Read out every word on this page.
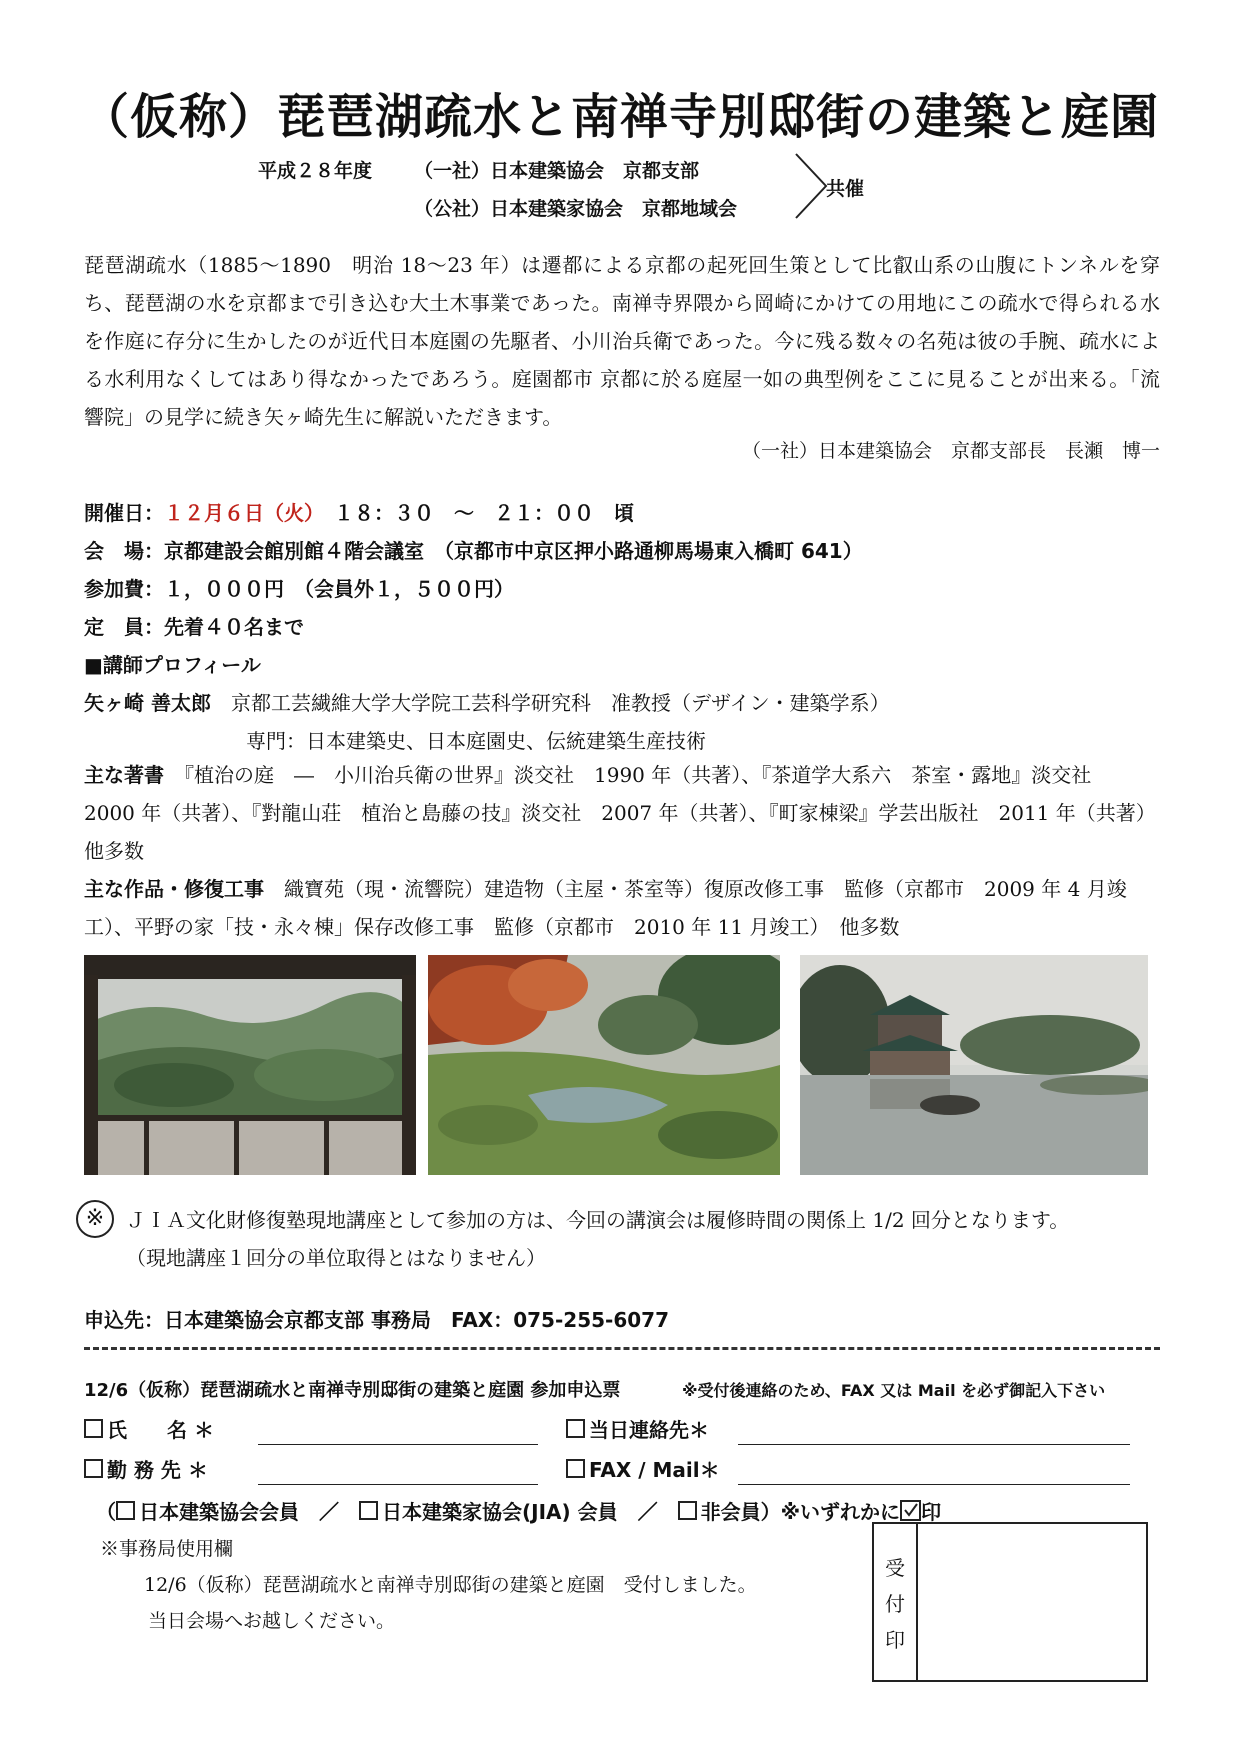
（仮称）琵琶湖疏水と南禅寺別邸街の建築と庭園
平成２８年度 （一社）日本建築協会　京都支部
（公社）日本建築家協会　京都地域会
共催
琵琶湖疏水（1885〜1890　明治 18〜23 年）は遷都による京都の起死回生策として比叡山系の山腹にトンネルを穿ち、琵琶湖の水を京都まで引き込む大土木事業であった。南禅寺界隈から岡崎にかけての用地にこの疏水で得られる水を作庭に存分に生かしたのが近代日本庭園の先駆者、小川治兵衛であった。今に残る数々の名苑は彼の手腕、疏水による水利用なくしてはあり得なかったであろう。庭園都市 京都に於る庭屋一如の典型例をここに見ることが出来る。「流響院」の見学に続き矢ヶ崎先生に解説いただきます。
（一社）日本建築協会　京都支部長　長瀬　博一
開催日：１２月６日（火）　 １８：３０　〜　２１：００　頃
会　場：京都建設会館別館４階会議室　（京都市中京区押小路通柳馬場東入橋町 641）
参加費：１，０００円　（会員外１，５００円）
定　員：先着４０名まで
■講師プロフィール
矢ヶ崎 善太郎　 京都工芸繊維大学大学院工芸科学研究科　准教授（デザイン・建築学系）
専門：日本建築史、日本庭園史、伝統建築生産技術
主な著書　 『植治の庭　―　小川治兵衛の世界』淡交社　1990 年（共著）、『茶道学大系六　茶室・露地』淡交社　2000 年（共著）、『對龍山荘　植治と島藤の技』淡交社　2007 年（共著）、『町家棟梁』学芸出版社　2011 年（共著）　他多数
主な作品・修復工事　 織寶苑（現・流響院）建造物（主屋・茶室等）復原改修工事　監修（京都市　2009 年 4 月竣工）、平野の家「技・永々棟」保存改修工事　監修（京都市　2010 年 11 月竣工）　他多数
※	ＪＩＡ文化財修復塾現地講座として参加の方は、今回の講演会は履修時間の関係上 1/2 回分となります。
（現地講座１回分の単位取得とはなりません）
申込先：日本建築協会京都支部 事務局　FAX：075-255-6077
12/6（仮称）琵琶湖疏水と南禅寺別邸街の建築と庭園 参加申込票	※受付後連絡のため、FAX 又は Mail を必ず御記入下さい
氏　　名 ＊	当日連絡先＊
勤 務 先 ＊	FAX / Mail＊
（ 日本建築協会会員　／　日本建築家協会(JIA) 会員　／　非会員）※いずれかに 印
※事務局使用欄
12/6（仮称）琵琶湖疏水と南禅寺別邸街の建築と庭園　受付しました。
当日会場へお越しください。
受
付
印
